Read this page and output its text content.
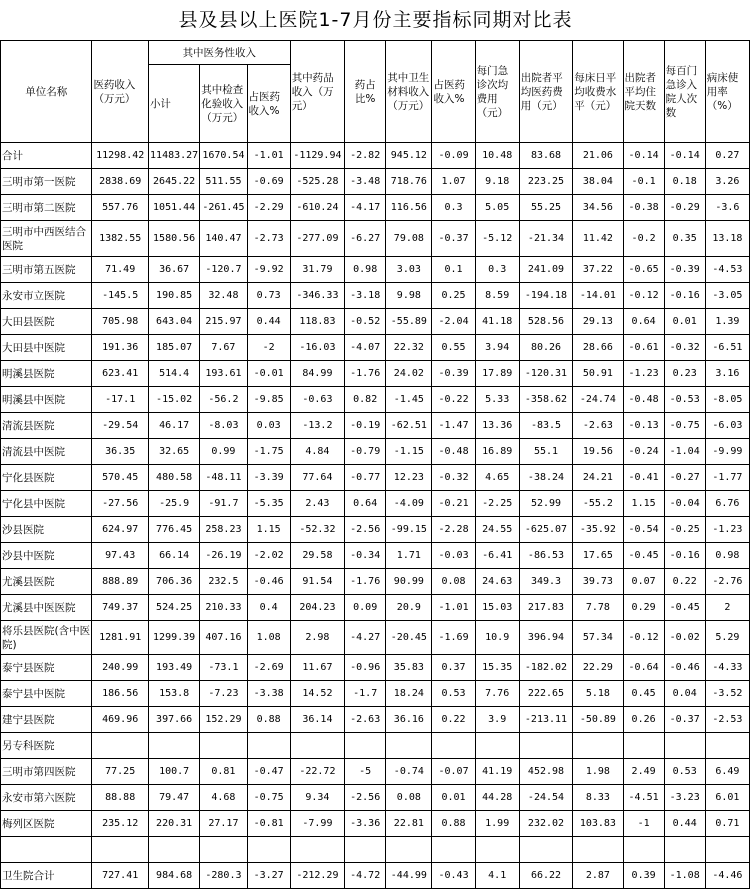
县及县以上医院1-7月份主要指标同期对比表
单位名称	医药收入（万元）	其中医务性收入			其中药品收入（万元）	药占比%	其中卫生材料收入（万元）	占医药收入%	每门急诊次均费用（元）	出院者平均医药费用（元）	每床日平均收费水平（元）	出院者平均住院天数	每百门急诊入院人次数	病床使用率（%）
		小计	其中检查化验收入（万元）	占医药收入%										
合计	11298.42	11483.27	1670.54	-1.01	-1129.94	-2.82	945.12	-0.09	10.48	83.68	21.06	-0.14	-0.14	0.27
三明市第一医院	2838.69	2645.22	511.55	-0.69	-525.28	-3.48	718.76	1.07	9.18	223.25	38.04	-0.1	0.18	3.26
三明市第二医院	557.76	1051.44	-261.45	-2.29	-610.24	-4.17	116.56	0.3	5.05	55.25	34.56	-0.38	-0.29	-3.6
三明市中西医结合医院	1382.55	1580.56	140.47	-2.73	-277.09	-6.27	79.08	-0.37	-5.12	-21.34	11.42	-0.2	0.35	13.18
三明市第五医院	71.49	36.67	-120.7	-9.92	31.79	0.98	3.03	0.1	0.3	241.09	37.22	-0.65	-0.39	-4.53
永安市立医院	-145.5	190.85	32.48	0.73	-346.33	-3.18	9.98	0.25	8.59	-194.18	-14.01	-0.12	-0.16	-3.05
大田县医院	705.98	643.04	215.97	0.44	118.83	-0.52	-55.89	-2.04	41.18	528.56	29.13	0.64	0.01	1.39
大田县中医院	191.36	185.07	7.67	-2	-16.03	-4.07	22.32	0.55	3.94	80.26	28.66	-0.61	-0.32	-6.51
明溪县医院	623.41	514.4	193.61	-0.01	84.99	-1.76	24.02	-0.39	17.89	-120.31	50.91	-1.23	0.23	3.16
明溪县中医院	-17.1	-15.02	-56.2	-9.85	-0.63	0.82	-1.45	-0.22	5.33	-358.62	-24.74	-0.48	-0.53	-8.05
清流县医院	-29.54	46.17	-8.03	0.03	-13.2	-0.19	-62.51	-1.47	13.36	-83.5	-2.63	-0.13	-0.75	-6.03
清流县中医院	36.35	32.65	0.99	-1.75	4.84	-0.79	-1.15	-0.48	16.89	55.1	19.56	-0.24	-1.04	-9.99
宁化县医院	570.45	480.58	-48.11	-3.39	77.64	-0.77	12.23	-0.32	4.65	-38.24	24.21	-0.41	-0.27	-1.77
宁化县中医院	-27.56	-25.9	-91.7	-5.35	2.43	0.64	-4.09	-0.21	-2.25	52.99	-55.2	1.15	-0.04	6.76
沙县医院	624.97	776.45	258.23	1.15	-52.32	-2.56	-99.15	-2.28	24.55	-625.07	-35.92	-0.54	-0.25	-1.23
沙县中医院	97.43	66.14	-26.19	-2.02	29.58	-0.34	1.71	-0.03	-6.41	-86.53	17.65	-0.45	-0.16	0.98
尤溪县医院	888.89	706.36	232.5	-0.46	91.54	-1.76	90.99	0.08	24.63	349.3	39.73	0.07	0.22	-2.76
尤溪县中医医院	749.37	524.25	210.33	0.4	204.23	0.09	20.9	-1.01	15.03	217.83	7.78	0.29	-0.45	2
将乐县医院(含中医院)	1281.91	1299.39	407.16	1.08	2.98	-4.27	-20.45	-1.69	10.9	396.94	57.34	-0.12	-0.02	5.29
泰宁县医院	240.99	193.49	-73.1	-2.69	11.67	-0.96	35.83	0.37	15.35	-182.02	22.29	-0.64	-0.46	-4.33
泰宁县中医院	186.56	153.8	-7.23	-3.38	14.52	-1.7	18.24	0.53	7.76	222.65	5.18	0.45	0.04	-3.52
建宁县医院	469.96	397.66	152.29	0.88	36.14	-2.63	36.16	0.22	3.9	-213.11	-50.89	0.26	-0.37	-2.53
另专科医院														
三明市第四医院	77.25	100.7	0.81	-0.47	-22.72	-5	-0.74	-0.07	41.19	452.98	1.98	2.49	0.53	6.49
永安市第六医院	88.88	79.47	4.68	-0.75	9.34	-2.56	0.08	0.01	44.28	-24.54	8.33	-4.51	-3.23	6.01
梅列区医院	235.12	220.31	27.17	-0.81	-7.99	-3.36	22.81	0.88	1.99	232.02	103.83	-1	0.44	0.71

卫生院合计	727.41	984.68	-280.3	-3.27	-212.29	-4.72	-44.99	-0.43	4.1	66.22	2.87	0.39	-1.08	-4.46
